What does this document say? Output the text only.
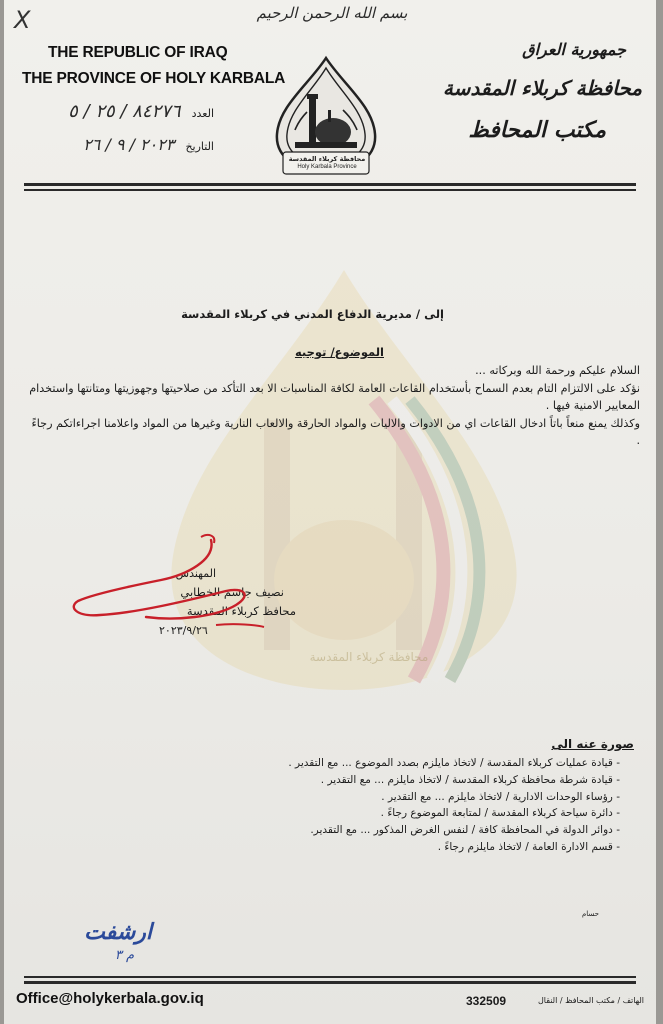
محافظة كربلاء المقدسة
X
THE REPUBLIC OF IRAQ
THE PROVINCE OF HOLY KARBALA
العدد ٨٤٢٧٦ / ٢٥ / ٥
التاريخ ٢٠٢٣ / ٩ / ٢٦
بسم الله الرحمن الرحيم
محافظة كربلاء المقدسة
Holy Karbala Province
جمهورية العراق
محافظة كربلاء المقدسة
مكتب المحافظ
إلى / مديرية الدفاع المدني في كربلاء المقدسة
الموضوع/ توجيه
السلام عليكم ورحمة الله وبركاته ...
نؤكد على الالتزام التام بعدم السماح بأستخدام القاعات العامة لكافة المناسبات الا بعد التأكد من صلاحيتها وجهوزيتها ومتانتها واستخدام المعايير الامنية فيها .
وكذلك يمنع منعاً باتاً ادخال القاعات اي من الادوات والاليات والمواد الحارقة والالعاب النارية وغيرها من المواد واعلامنا اجراءاتكم رجاءً .
المهندس
نصيف جاسم الخطابي
محافظ كربلاء المقدسة
٢٠٢٣/٩/٢٦
صورة عنه الى
- قيادة عمليات كربلاء المقدسة / لاتخاذ مايلزم بصدد الموضوع ... مع التقدير .
- قيادة شرطة محافظة كربلاء المقدسة / لاتخاذ مايلزم ... مع التقدير .
- رؤساء الوحدات الادارية / لاتخاذ مايلزم ... مع التقدير .
- دائرة سياحة كربلاء المقدسة / لمتابعة الموضوع رجاءً .
- دوائر الدولة في المحافظة كافة / لنفس الغرض المذكور ... مع التقدير.
- قسم الادارة العامة / لاتخاذ مايلزم رجاءً .
حسام
ارشفت
م ٣
Office@holykerbala.gov.iq	332509	الهاتف / مكتب المحافظ / النقال
